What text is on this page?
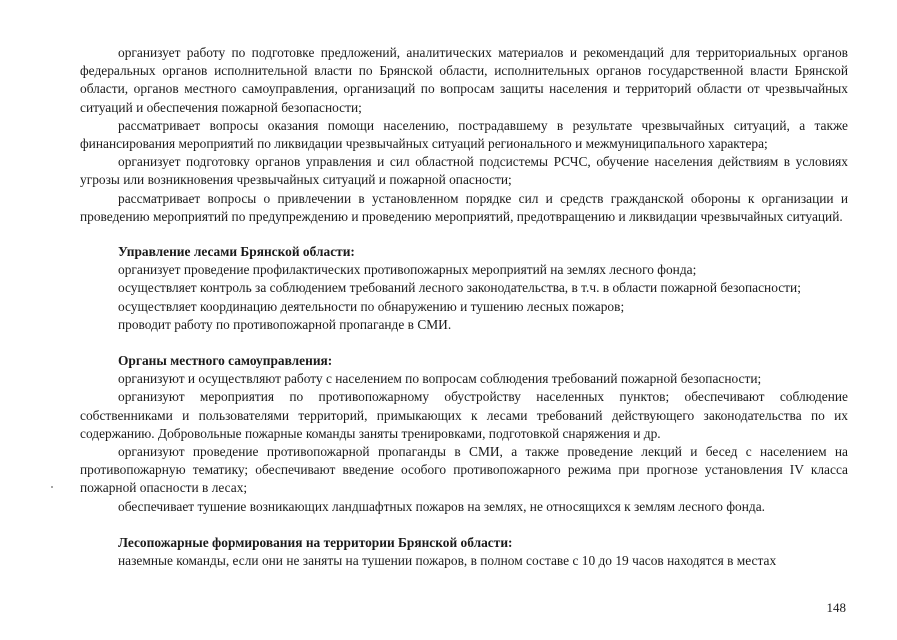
организует работу по подготовке предложений, аналитических материалов и рекомендаций для территориальных органов федеральных органов исполнительной власти по Брянской области, исполнительных органов государственной власти Брянской области, органов местного самоуправления, организаций по вопросам защиты населения и территорий области от чрезвычайных ситуаций и обеспечения пожарной безопасности;

рассматривает вопросы оказания помощи населению, пострадавшему в результате чрезвычайных ситуаций, а также финансирования мероприятий по ликвидации чрезвычайных ситуаций регионального и межмуниципального характера;

организует подготовку органов управления и сил областной подсистемы РСЧС, обучение населения действиям в условиях угрозы или возникновения чрезвычайных ситуаций и пожарной опасности;

рассматривает вопросы о привлечении в установленном порядке сил и средств гражданской обороны к организации и проведению мероприятий по предупреждению и проведению мероприятий, предотвращению и ликвидации чрезвычайных ситуаций.

Управление лесами Брянской области:

организует проведение профилактических противопожарных мероприятий на землях лесного фонда;

осуществляет контроль за соблюдением требований лесного законодательства, в т.ч. в области пожарной безопасности;

осуществляет координацию деятельности по обнаружению и тушению лесных пожаров;

проводит работу по противопожарной пропаганде в СМИ.

Органы местного самоуправления:

организуют и осуществляют работу с населением по вопросам соблюдения требований пожарной безопасности;

организуют мероприятия по противопожарному обустройству населенных пунктов; обеспечивают соблюдение собственниками и пользователями территорий, примыкающих к лесами требований действующего законодательства по их содержанию. Добровольные пожарные команды заняты тренировками, подготовкой снаряжения и др.

организуют проведение противопожарной пропаганды в СМИ, а также проведение лекций и бесед с населением на противопожарную тематику; обеспечивают введение особого противопожарного режима при прогнозе установления IV класса пожарной опасности в лесах;

обеспечивает тушение возникающих ландшафтных пожаров на землях, не относящихся к землям лесного фонда.

Лесопожарные формирования на территории Брянской области:

наземные команды, если они не заняты на тушении пожаров, в полном составе с 10 до 19 часов находятся в местах

148
